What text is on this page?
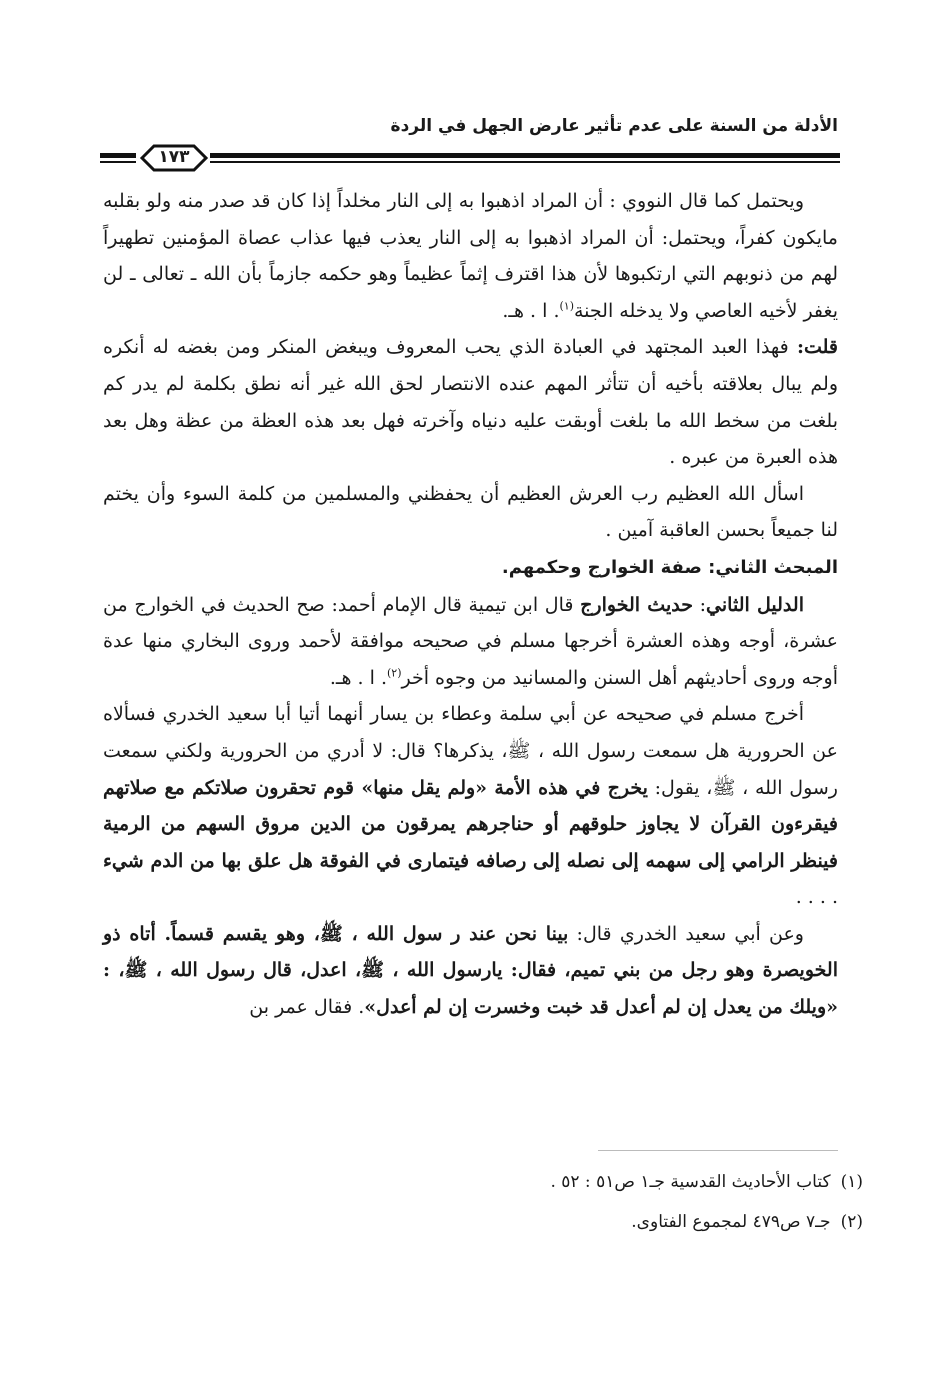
الأدلة من السنة على عدم تأثير عارض الجهل في الردة
١٧٣

ويحتمل كما قال النووي : أن المراد اذهبوا به إلى النار مخلداً إذا كان قد صدر منه ولو بقلبه مايكون كفراً، ويحتمل: أن المراد اذهبوا به إلى النار يعذب فيها عذاب عصاة المؤمنين تطهيراً لهم من ذنوبهم التي ارتكبوها لأن هذا اقترف إثماً عظيماً وهو حكمه جازماً بأن الله ـ تعالى ـ لن يغفر لأخيه العاصي ولا يدخله الجنة$^{(١)}$. ا . هـ.

قلت: فهذا العبد المجتهد في العبادة الذي يحب المعروف ويبغض المنكر ومن بغضه له أنكره ولم يبال بعلاقته بأخيه أن تتأثر المهم عنده الانتصار لحق الله غير أنه نطق بكلمة لم يدر كم بلغت من سخط الله ما بلغت أوبقت عليه دنياه وآخرته فهل بعد هذه العظة من عظة وهل بعد هذه العبرة من عبره .

اسأل الله العظيم رب العرش العظيم أن يحفظني والمسلمين من كلمة السوء وأن يختم لنا جميعاً بحسن العاقبة آمين .

المبحث الثاني: صفة الخوارج وحكمهم.

الدليل الثاني: حديث الخوارج قال ابن تيمية قال الإمام أحمد: صح الحديث في الخوارج من عشرة، أوجه وهذه العشرة أخرجها مسلم في صحيحه موافقة لأحمد وروى البخاري منها عدة أوجه وروى أحاديثهم أهل السنن والمسانيد من وجوه أخر$^{(٢)}$. ا . هـ.

أخرج مسلم في صحيحه عن أبي سلمة وعطاء بن يسار أنهما أتيا أبا سعيد الخدري فسألاه عن الحرورية هل سمعت رسول الله ، ﷺ، يذكرها؟ قال: لا أدري من الحرورية ولكني سمعت رسول الله ، ﷺ، يقول: يخرج في هذه الأمة «ولم يقل منها» قوم تحقرون صلاتكم مع صلاتهم فيقرءون القرآن لا يجاوز حلوقهم أو حناجرهم يمرقون من الدين مروق السهم من الرمية فينظر الرامي إلى سهمه إلى نصله إلى رصافه فيتمارى في الفوقة هل علق بها من الدم شيء . . . .

وعن أبي سعيد الخدري قال: بينا نحن عند ر سول الله ، ﷺ، وهو يقسم قسماً. أتاه ذو الخويصرة وهو رجل من بني تميم، فقال: يارسول الله ، ﷺ، اعدل، قال رسول الله ، ﷺ، : «ويلك من يعدل إن لم أعدل قد خبت وخسرت إن لم أعدل». فقال عمر بن

(١)كتاب الأحاديث القدسية جـ١ ص٥١ : ٥٢ .

(٢)جـ٧ ص٤٧٩ لمجموع الفتاوى.
